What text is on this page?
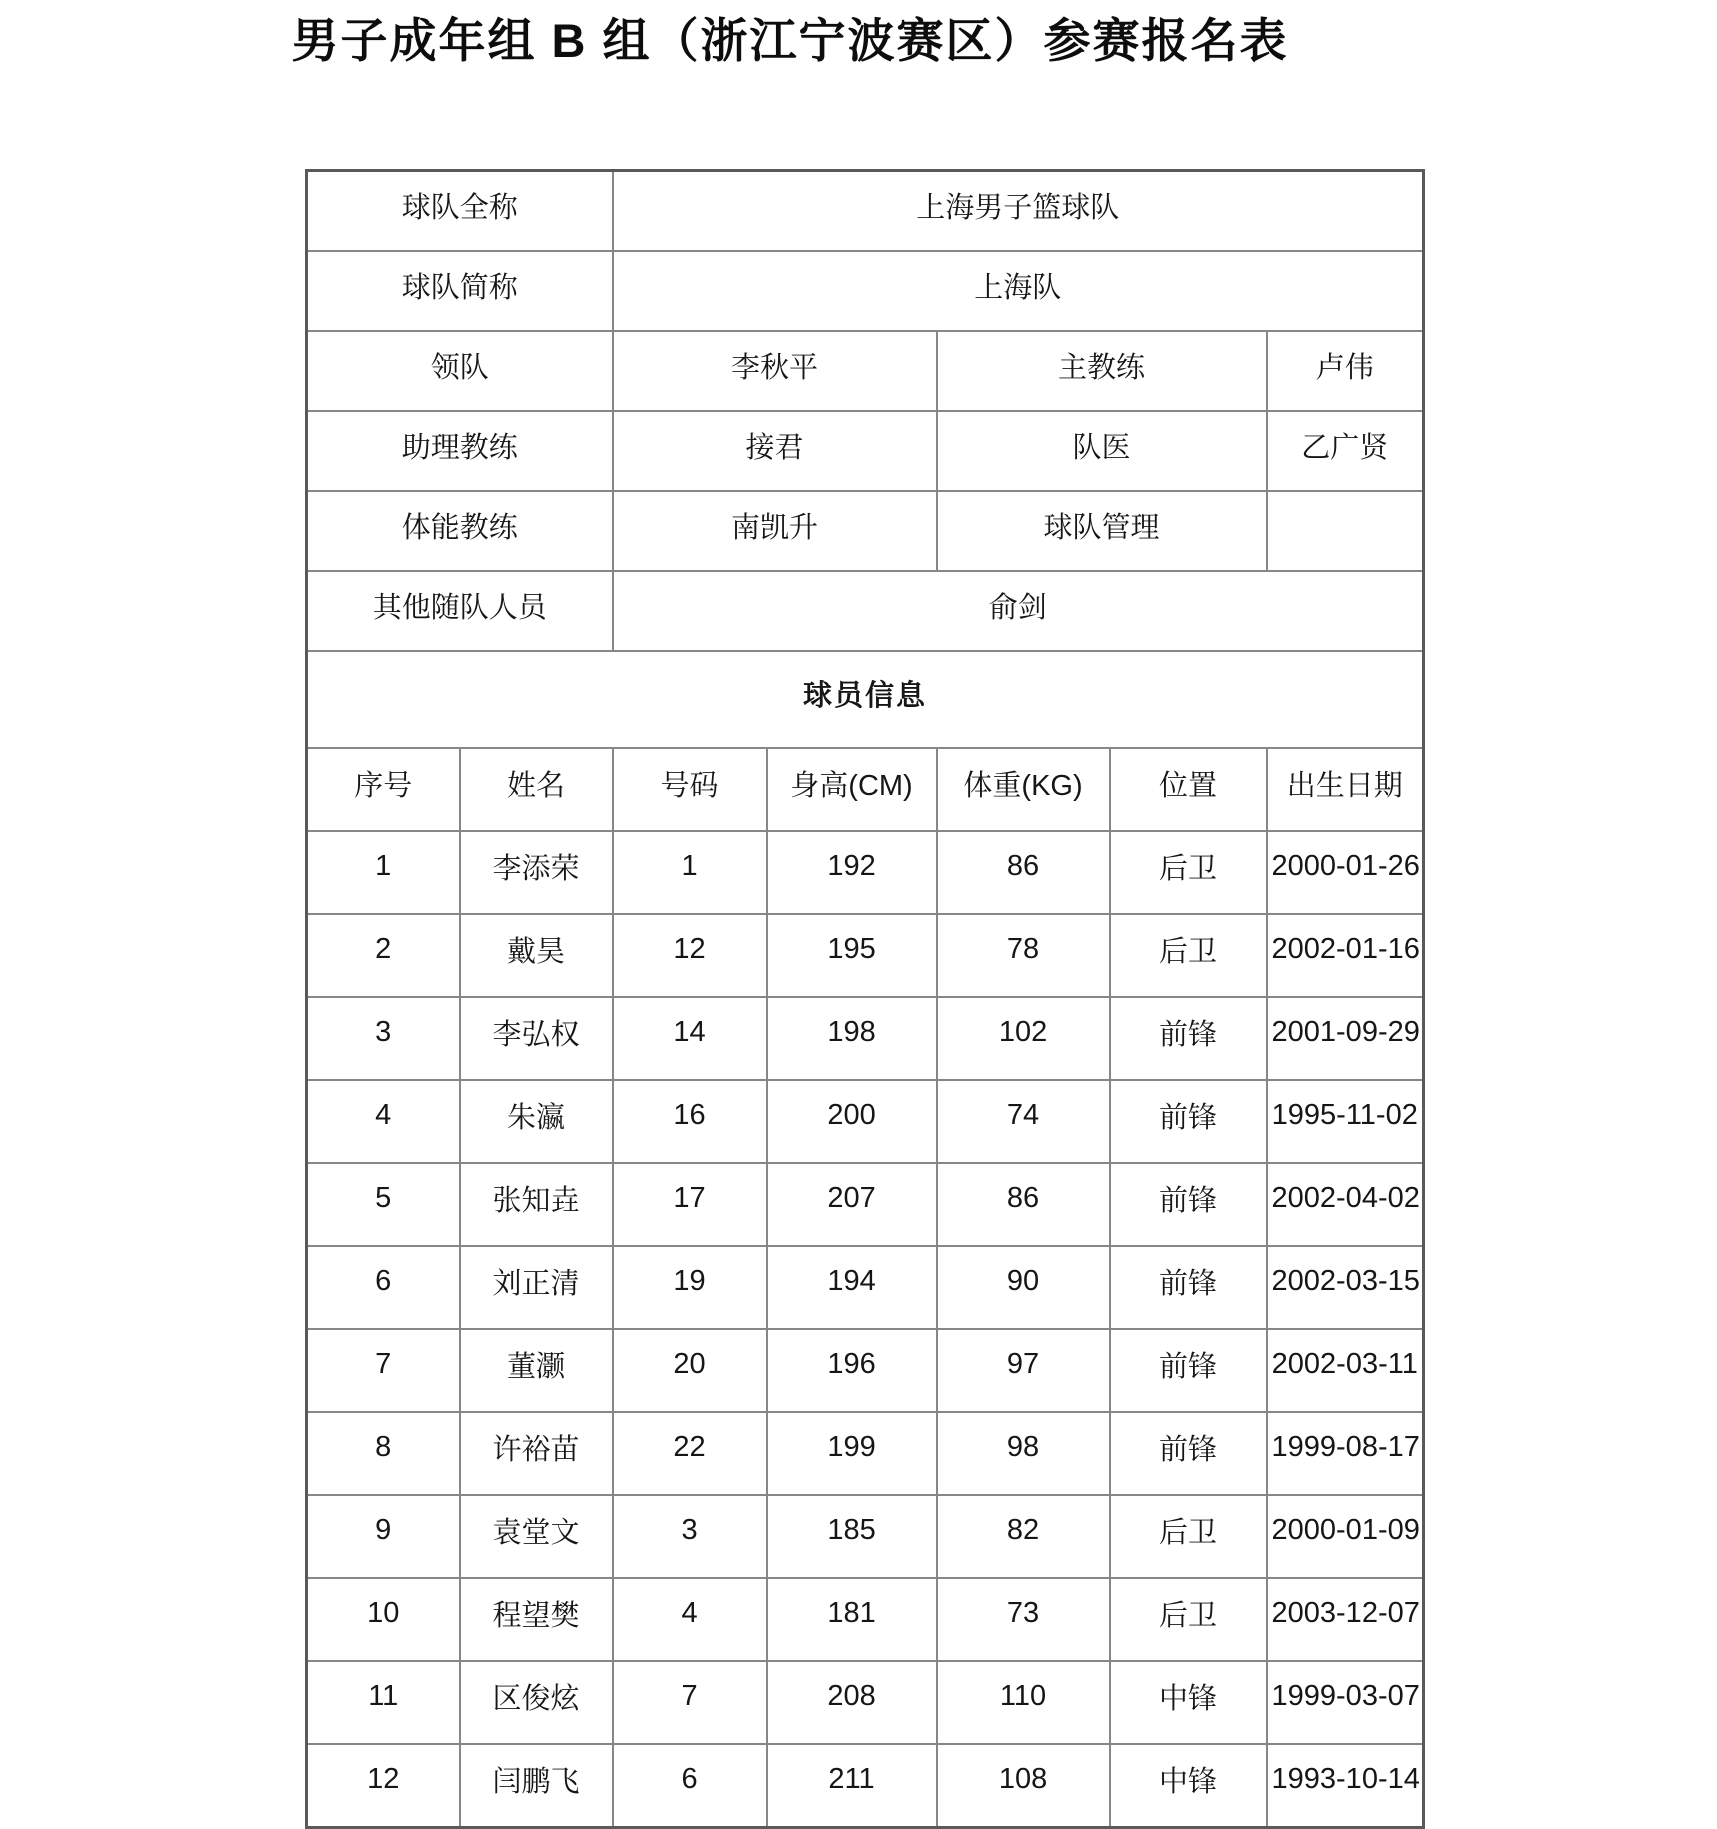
男子成年组 B 组（浙江宁波赛区）参赛报名表
球队全称		上海男子篮球队				
球队简称		上海队				
领队		李秋平		主教练		卢伟
助理教练		接君		队医		乙广贤
体能教练		南凯升		球队管理		
其他随队人员		俞剑				
球员信息						
序号	姓名	号码	身高(CM)	体重(KG)	位置	出生日期
1	李添荣	1	192	86	后卫	2000-01-26
2	戴昊	12	195	78	后卫	2002-01-16
3	李弘权	14	198	102	前锋	2001-09-29
4	朱瀛	16	200	74	前锋	1995-11-02
5	张知垚	17	207	86	前锋	2002-04-02
6	刘正清	19	194	90	前锋	2002-03-15
7	董灏	20	196	97	前锋	2002-03-11
8	许裕苗	22	199	98	前锋	1999-08-17
9	袁堂文	3	185	82	后卫	2000-01-09
10	程望樊	4	181	73	后卫	2003-12-07
11	区俊炫	7	208	110	中锋	1999-03-07
12	闫鹏飞	6	211	108	中锋	1993-10-14
